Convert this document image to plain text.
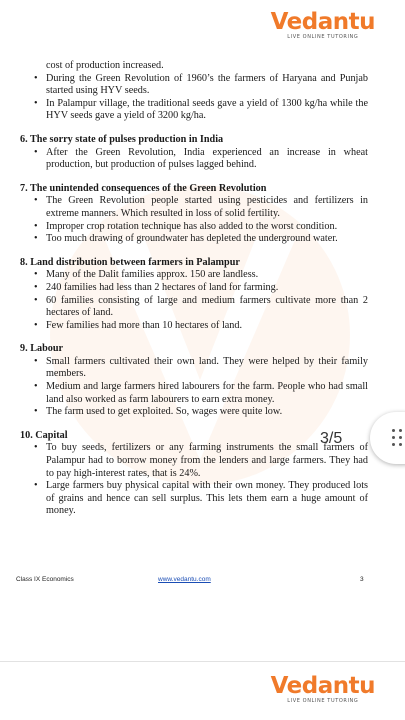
Vedantu
LIVE ONLINE TUTORING
cost of production increased.
• During the Green Revolution of 1960’s the farmers of Haryana and Punjab started using HYV seeds.
• In Palampur village, the traditional seeds gave a yield of 1300 kg/ha while the HYV seeds gave a yield of 3200 kg/ha.
6. The sorry state of pulses production in India
• After the Green Revolution, India experienced an increase in wheat production, but production of pulses lagged behind.
7. The unintended consequences of the Green Revolution
• The Green Revolution people started using pesticides and fertilizers in extreme manners. Which resulted in loss of solid fertility.
• Improper crop rotation technique has also added to the worst condition.
• Too much drawing of groundwater has depleted the underground water.
8. Land distribution between farmers in Palampur
• Many of the Dalit families approx. 150 are landless.
• 240 families had less than 2 hectares of land for farming.
• 60 families consisting of large and medium farmers cultivate more than 2 hectares of land.
• Few families had more than 10 hectares of land.
9. Labour
• Small farmers cultivated their own land. They were helped by their family members.
• Medium and large farmers hired labourers for the farm. People who had small land also worked as farm labourers to earn extra money.
• The farm used to get exploited. So, wages were quite low.
10. Capital
• To buy seeds, fertilizers or any farming instruments the small farmers of Palampur had to borrow money from the lenders and large farmers. They had to pay high-interest rates, that is 24%.
• Large farmers buy physical capital with their own money. They produced lots of grains and hence can sell surplus. This lets them earn a huge amount of money.
Class IX Economics	www.vedantu.com	3
Vedantu
LIVE ONLINE TUTORING
3/5
